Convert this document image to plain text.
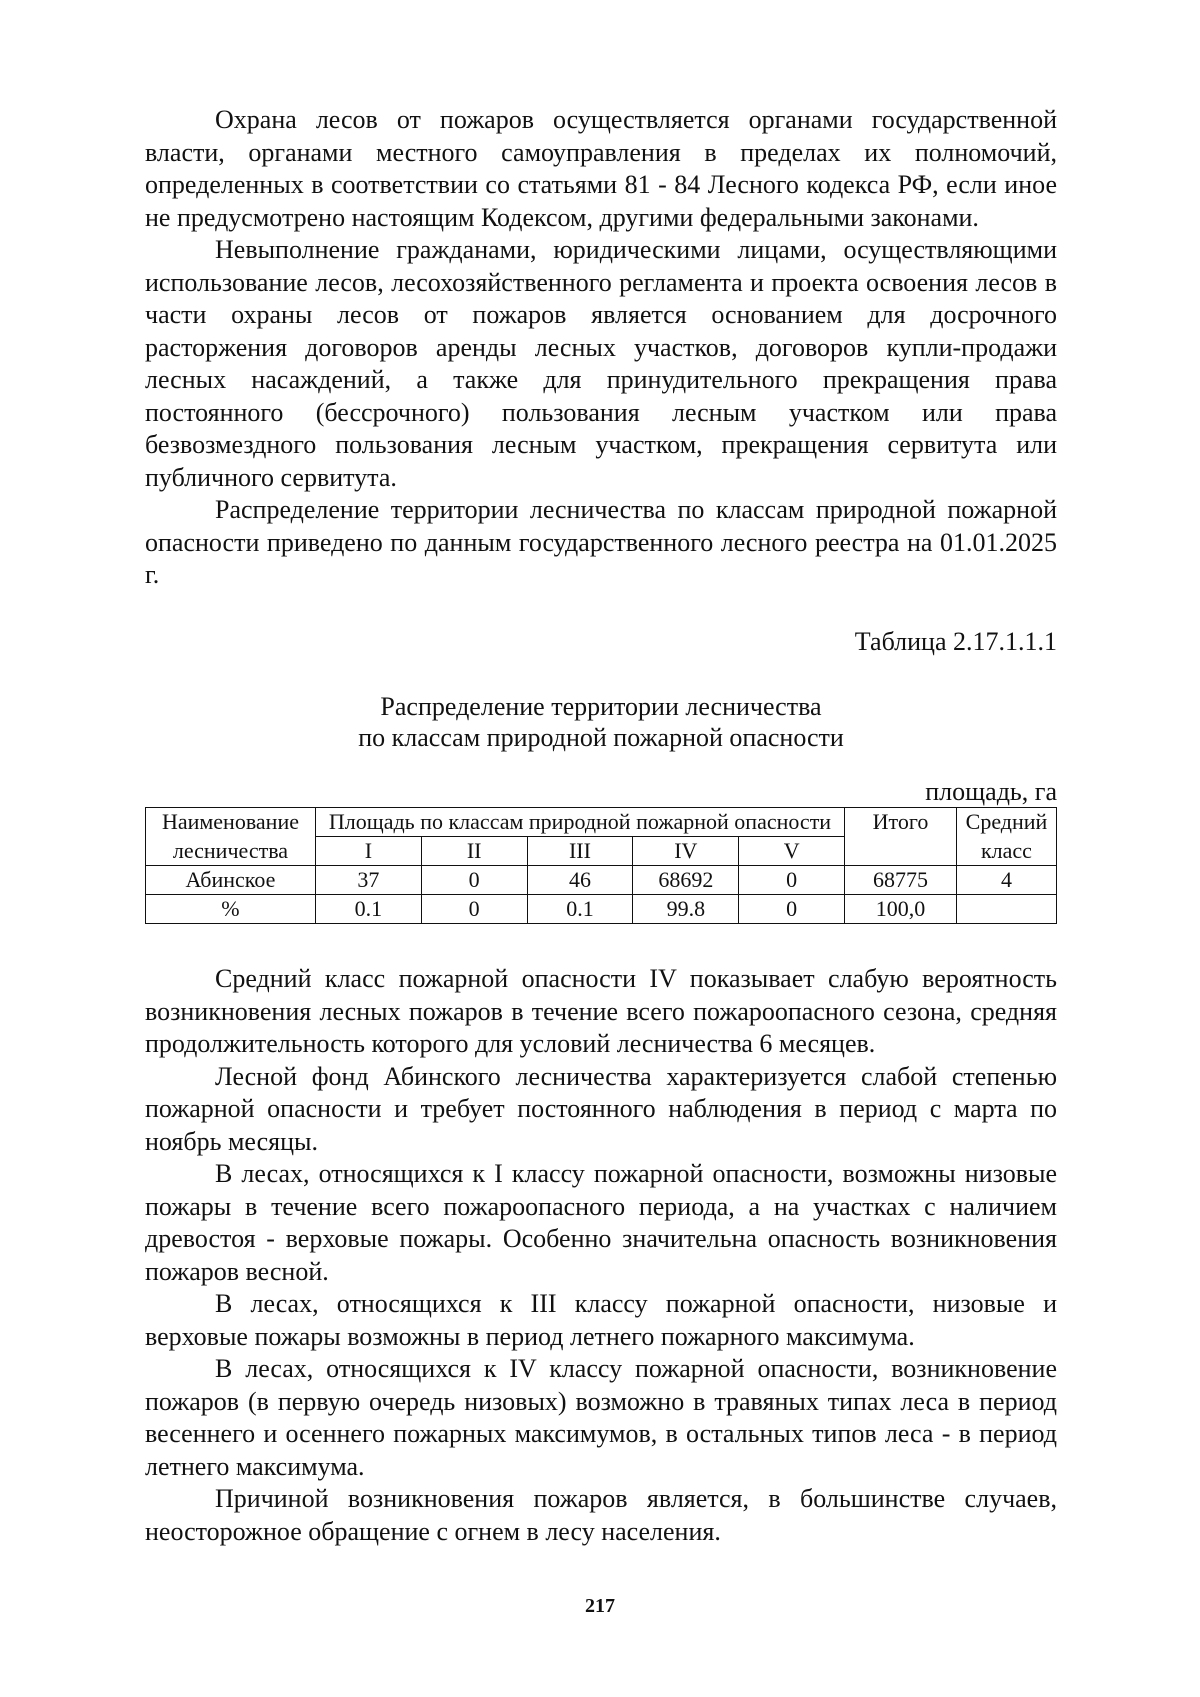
Охрана лесов от пожаров осуществляется органами государственной власти, органами местного самоуправления в пределах их полномочий, определенных в соответствии со статьями 81 - 84 Лесного кодекса РФ, если иное не предусмотрено настоящим Кодексом, другими федеральными законами.

Невыполнение гражданами, юридическими лицами, осуществляющими использование лесов, лесохозяйственного регламента и проекта освоения лесов в части охраны лесов от пожаров является основанием для досрочного расторжения договоров аренды лесных участков, договоров купли-продажи лесных насаждений, а также для принудительного прекращения права постоянного (бессрочного) пользования лесным участком или права безвозмездного пользования лесным участком, прекращения сервитута или публичного сервитута.

Распределение территории лесничества по классам природной пожарной опасности приведено по данным государственного лесного реестра на 01.01.2025 г.

Таблица 2.17.1.1.1

Распределение территории лесничества
по классам природной пожарной опасности

площадь, га

Наименование	Площадь по классам природной пожарной опасности					Итого	Средний
лесничества	I	II	III	IV	V		класс
Абинское	37	0	46	68692	0	68775	4
%	0.1	0	0.1	99.8	0	100,0	

Средний класс пожарной опасности IV показывает слабую вероятность возникновения лесных пожаров в течение всего пожароопасного сезона, средняя продолжительность которого для условий лесничества 6 месяцев.

Лесной фонд Абинского лесничества характеризуется слабой степенью пожарной опасности и требует постоянного наблюдения в период с марта по ноябрь месяцы.

В лесах, относящихся к I классу пожарной опасности, возможны низовые пожары в течение всего пожароопасного периода, а на участках с наличием древостоя - верховые пожары. Особенно значительна опасность возникновения пожаров весной.

В лесах, относящихся к III классу пожарной опасности, низовые и верховые пожары возможны в период летнего пожарного максимума.

В лесах, относящихся к IV классу пожарной опасности, возникновение пожаров (в первую очередь низовых) возможно в травяных типах леса в период весеннего и осеннего пожарных максимумов, в остальных типов леса - в период летнего максимума.

Причиной возникновения пожаров является, в большинстве случаев, неосторожное обращение с огнем в лесу населения.

217
